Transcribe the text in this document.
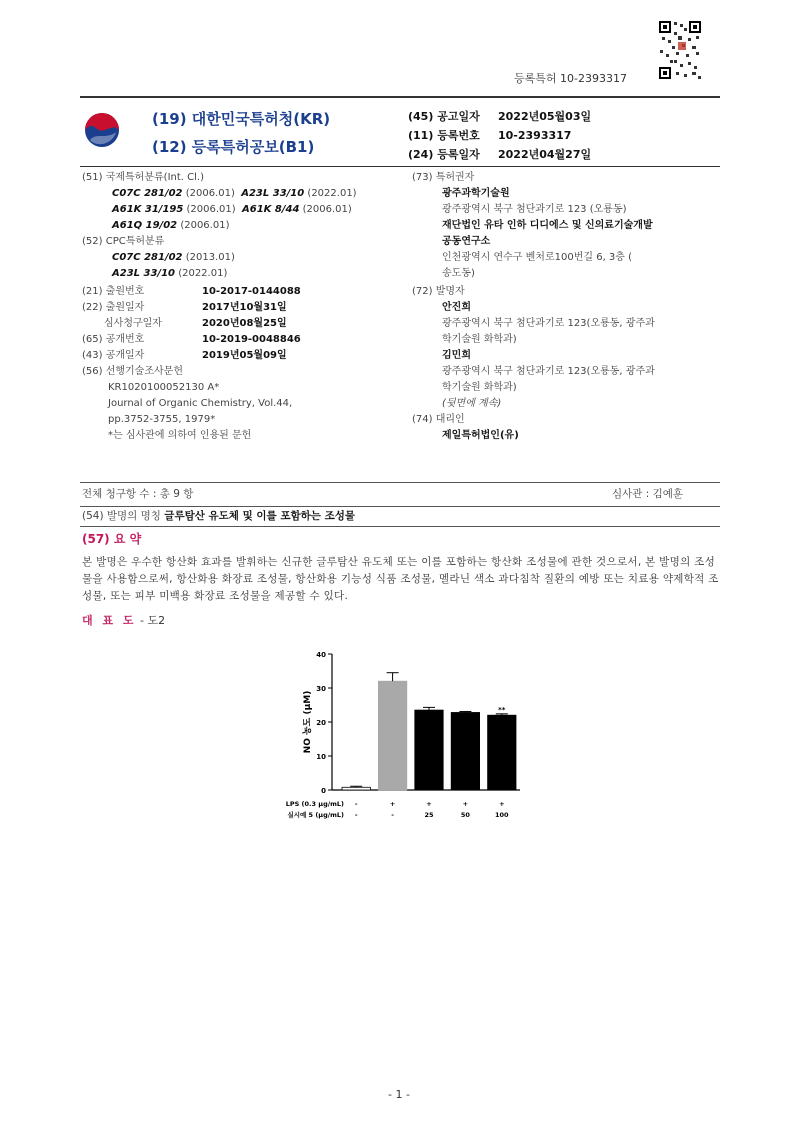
등록특허 10-2393317
(19) 대한민국특허청(KR)
(12) 등록특허공보(B1)
(45) 공고일자 2022년05월03일
(11) 등록번호 10-2393317
(24) 등록일자 2022년04월27일
(51) 국제특허분류(Int. Cl.)
C07C 281/02 (2006.01) A23L 33/10 (2022.01)
A61K 31/195 (2006.01) A61K 8/44 (2006.01)
A61Q 19/02 (2006.01)
(52) CPC특허분류
C07C 281/02 (2013.01)
A23L 33/10 (2022.01)
(21) 출원번호	10-2017-0144088
(22) 출원일자	2017년10월31일
심사청구일자	2020년08월25일
(65) 공개번호	10-2019-0048846
(43) 공개일자	2019년05월09일
(56) 선행기술조사문헌
KR1020100052130 A*
Journal of Organic Chemistry, Vol.44,
pp.3752-3755, 1979*
*는 심사관에 의하여 인용된 문헌
(73) 특허권자
광주과학기술원
광주광역시 북구 첨단과기로 123 (오룡동)
재단법인 유타 인하 디디에스 및 신의료기술개발
공동연구소
인천광역시 연수구 벤처로100번길 6, 3층 (
송도동)
(72) 발명자
안진희
광주광역시 북구 첨단과기로 123(오룡동, 광주과
학기술원 화학과)
김민희
광주광역시 북구 첨단과기로 123(오룡동, 광주과
학기술원 화학과)
(뒷면에 계속)
(74) 대리인
제일특허법인(유)
전체 청구항 수 : 총 9 항	심사관 : 김예훈
(54) 발명의 명칭 글루탐산 유도체 및 이를 포함하는 조성물
(57) 요 약
본 발명은 우수한 항산화 효과를 발휘하는 신규한 글루탐산 유도체 또는 이를 포함하는 항산화 조성물에 관한 것으로서, 본 발명의 조성물을 사용함으로써, 항산화용 화장료 조성물, 항산화용 기능성 식품 조성물, 멜라닌 색소 과다침착 질환의 예방 또는 치료용 약제학적 조성물, 또는 피부 미백용 화장료 조성물을 제공할 수 있다.
대 표 도 - 도2
0
10
20
30
40
NO 농도 (μM)
-
-
+
-
+
25
+
50
**
+
100
LPS (0.3 μg/mL)
실시예 5 (μg/mL)
- 1 -
